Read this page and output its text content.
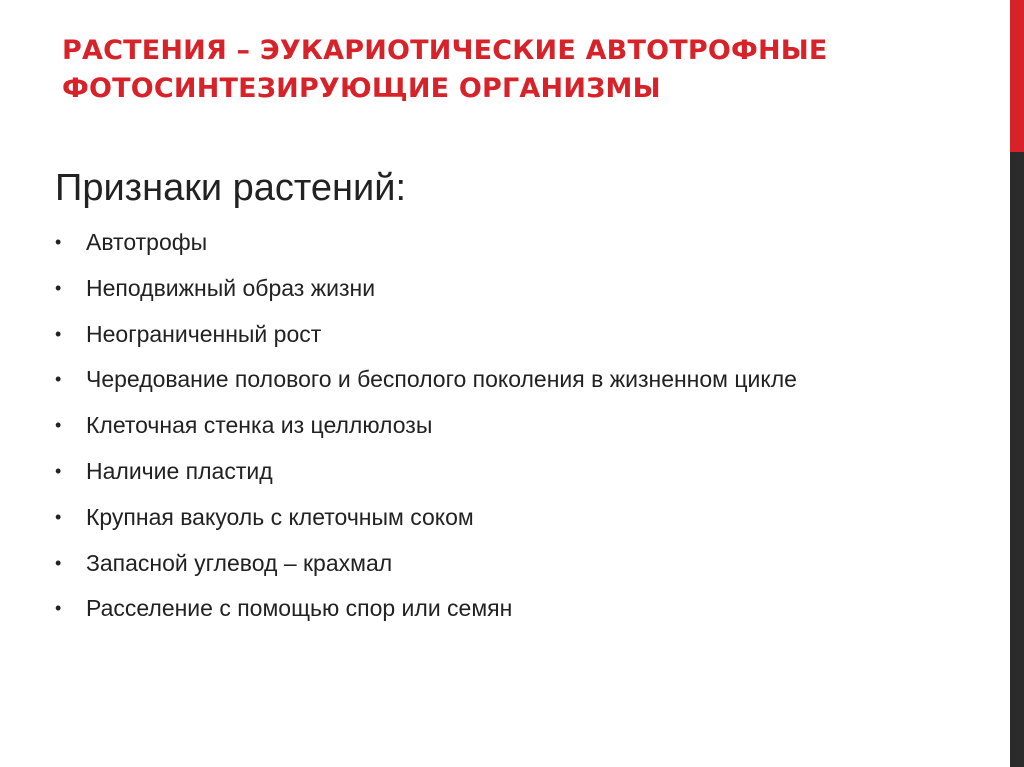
РАСТЕНИЯ – ЭУКАРИОТИЧЕСКИЕ АВТОТРОФНЫЕ
ФОТОСИНТЕЗИРУЮЩИЕ ОРГАНИЗМЫ
Признаки растений:
• Автотрофы
• Неподвижный образ жизни
• Неограниченный рост
• Чередование полового и бесполого поколения в жизненном цикле
• Клеточная стенка из целлюлозы
• Наличие пластид
• Крупная вакуоль с клеточным соком
• Запасной углевод – крахмал
• Расселение с помощью спор или семян
